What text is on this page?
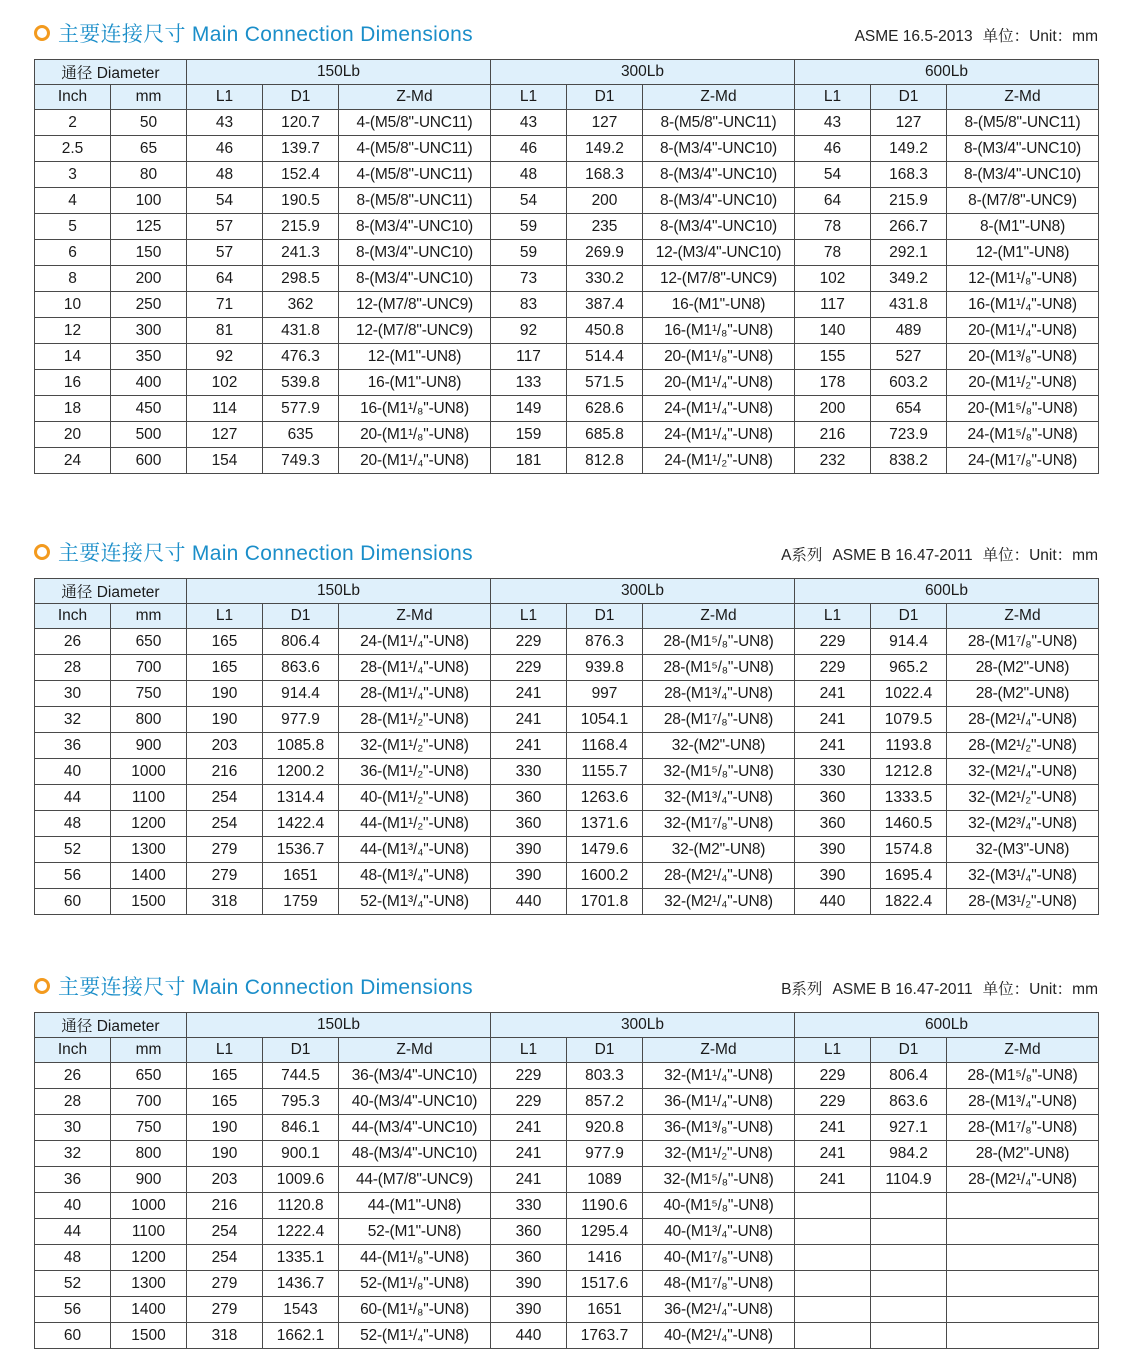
主要连接尺寸 Main Connection Dimensions	ASME 16.5-2013 单位：Unit：mm
通径 Diameter		150Lb			300Lb			600Lb		
Inch	mm	L1	D1	Z-Md	L1	D1	Z-Md	L1	D1	Z-Md
2	50	43	120.7	4-(M5/8"-UNC11)	43	127	8-(M5/8"-UNC11)	43	127	8-(M5/8"-UNC11)
2.5	65	46	139.7	4-(M5/8"-UNC11)	46	149.2	8-(M3/4"-UNC10)	46	149.2	8-(M3/4"-UNC10)
3	80	48	152.4	4-(M5/8"-UNC11)	48	168.3	8-(M3/4"-UNC10)	54	168.3	8-(M3/4"-UNC10)
4	100	54	190.5	8-(M5/8"-UNC11)	54	200	8-(M3/4"-UNC10)	64	215.9	8-(M7/8"-UNC9)
5	125	57	215.9	8-(M3/4"-UNC10)	59	235	8-(M3/4"-UNC10)	78	266.7	8-(M1"-UN8)
6	150	57	241.3	8-(M3/4"-UNC10)	59	269.9	12-(M3/4"-UNC10)	78	292.1	12-(M1"-UN8)
8	200	64	298.5	8-(M3/4"-UNC10)	73	330.2	12-(M7/8"-UNC9)	102	349.2	12-(M1¹/₈"-UN8)
10	250	71	362	12-(M7/8"-UNC9)	83	387.4	16-(M1"-UN8)	117	431.8	16-(M1¹/₄"-UN8)
12	300	81	431.8	12-(M7/8"-UNC9)	92	450.8	16-(M1¹/₈"-UN8)	140	489	20-(M1¹/₄"-UN8)
14	350	92	476.3	12-(M1"-UN8)	117	514.4	20-(M1¹/₈"-UN8)	155	527	20-(M1³/₈"-UN8)
16	400	102	539.8	16-(M1"-UN8)	133	571.5	20-(M1¹/₄"-UN8)	178	603.2	20-(M1¹/₂"-UN8)
18	450	114	577.9	16-(M1¹/₈"-UN8)	149	628.6	24-(M1¹/₄"-UN8)	200	654	20-(M1⁵/₈"-UN8)
20	500	127	635	20-(M1¹/₈"-UN8)	159	685.8	24-(M1¹/₄"-UN8)	216	723.9	24-(M1⁵/₈"-UN8)
24	600	154	749.3	20-(M1¹/₄"-UN8)	181	812.8	24-(M1¹/₂"-UN8)	232	838.2	24-(M1⁷/₈"-UN8)
主要连接尺寸 Main Connection Dimensions	A系列 ASME B 16.47-2011 单位：Unit：mm
通径 Diameter		150Lb			300Lb			600Lb		
Inch	mm	L1	D1	Z-Md	L1	D1	Z-Md	L1	D1	Z-Md
26	650	165	806.4	24-(M1¹/₄"-UN8)	229	876.3	28-(M1⁵/₈"-UN8)	229	914.4	28-(M1⁷/₈"-UN8)
28	700	165	863.6	28-(M1¹/₄"-UN8)	229	939.8	28-(M1⁵/₈"-UN8)	229	965.2	28-(M2"-UN8)
30	750	190	914.4	28-(M1¹/₄"-UN8)	241	997	28-(M1³/₄"-UN8)	241	1022.4	28-(M2"-UN8)
32	800	190	977.9	28-(M1¹/₂"-UN8)	241	1054.1	28-(M1⁷/₈"-UN8)	241	1079.5	28-(M2¹/₄"-UN8)
36	900	203	1085.8	32-(M1¹/₂"-UN8)	241	1168.4	32-(M2"-UN8)	241	1193.8	28-(M2¹/₂"-UN8)
40	1000	216	1200.2	36-(M1¹/₂"-UN8)	330	1155.7	32-(M1⁵/₈"-UN8)	330	1212.8	32-(M2¹/₄"-UN8)
44	1100	254	1314.4	40-(M1¹/₂"-UN8)	360	1263.6	32-(M1³/₄"-UN8)	360	1333.5	32-(M2¹/₂"-UN8)
48	1200	254	1422.4	44-(M1¹/₂"-UN8)	360	1371.6	32-(M1⁷/₈"-UN8)	360	1460.5	32-(M2³/₄"-UN8)
52	1300	279	1536.7	44-(M1³/₄"-UN8)	390	1479.6	32-(M2"-UN8)	390	1574.8	32-(M3"-UN8)
56	1400	279	1651	48-(M1³/₄"-UN8)	390	1600.2	28-(M2¹/₄"-UN8)	390	1695.4	32-(M3¹/₄"-UN8)
60	1500	318	1759	52-(M1³/₄"-UN8)	440	1701.8	32-(M2¹/₄"-UN8)	440	1822.4	28-(M3¹/₂"-UN8)
主要连接尺寸 Main Connection Dimensions	B系列 ASME B 16.47-2011 单位：Unit：mm
通径 Diameter		150Lb			300Lb			600Lb		
Inch	mm	L1	D1	Z-Md	L1	D1	Z-Md	L1	D1	Z-Md
26	650	165	744.5	36-(M3/4"-UNC10)	229	803.3	32-(M1¹/₄"-UN8)	229	806.4	28-(M1⁵/₈"-UN8)
28	700	165	795.3	40-(M3/4"-UNC10)	229	857.2	36-(M1¹/₄"-UN8)	229	863.6	28-(M1³/₄"-UN8)
30	750	190	846.1	44-(M3/4"-UNC10)	241	920.8	36-(M1³/₈"-UN8)	241	927.1	28-(M1⁷/₈"-UN8)
32	800	190	900.1	48-(M3/4"-UNC10)	241	977.9	32-(M1¹/₂"-UN8)	241	984.2	28-(M2"-UN8)
36	900	203	1009.6	44-(M7/8"-UNC9)	241	1089	32-(M1⁵/₈"-UN8)	241	1104.9	28-(M2¹/₄"-UN8)
40	1000	216	1120.8	44-(M1"-UN8)	330	1190.6	40-(M1⁵/₈"-UN8)			
44	1100	254	1222.4	52-(M1"-UN8)	360	1295.4	40-(M1³/₄"-UN8)			
48	1200	254	1335.1	44-(M1¹/₈"-UN8)	360	1416	40-(M1⁷/₈"-UN8)			
52	1300	279	1436.7	52-(M1¹/₈"-UN8)	390	1517.6	48-(M1⁷/₈"-UN8)			
56	1400	279	1543	60-(M1¹/₈"-UN8)	390	1651	36-(M2¹/₄"-UN8)			
60	1500	318	1662.1	52-(M1¹/₄"-UN8)	440	1763.7	40-(M2¹/₄"-UN8)			
